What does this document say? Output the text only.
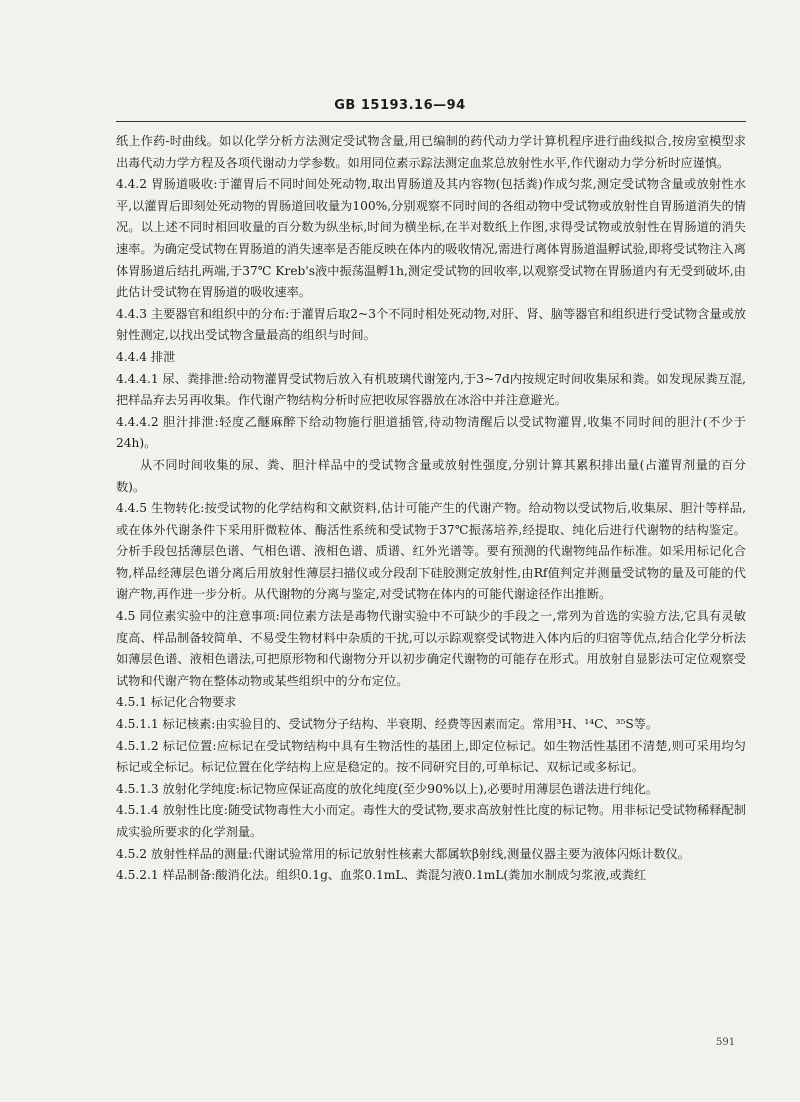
GB 15193.16—94

纸上作药-时曲线。如以化学分析方法测定受试物含量,用已编制的药代动力学计算机程序进行曲线拟合,按房室模型求出毒代动力学方程及各项代谢动力学参数。如用同位素示踪法测定血浆总放射性水平,作代谢动力学分析时应谨慎。

4.4.2 胃肠道吸收:于灌胃后不同时间处死动物,取出胃肠道及其内容物(包括粪)作成匀浆,测定受试物含量或放射性水平,以灌胃后即刻处死动物的胃肠道回收量为100%,分别观察不同时间的各组动物中受试物或放射性自胃肠道消失的情况。以上述不同时相回收量的百分数为纵坐标,时间为横坐标,在半对数纸上作图,求得受试物或放射性在胃肠道的消失速率。为确定受试物在胃肠道的消失速率是否能反映在体内的吸收情况,需进行离体胃肠道温孵试验,即将受试物注入离体胃肠道后结扎两端,于37℃ Kreb's液中振荡温孵1h,测定受试物的回收率,以观察受试物在胃肠道内有无受到破坏,由此估计受试物在胃肠道的吸收速率。

4.4.3 主要器官和组织中的分布:于灌胃后取2~3个不同时相处死动物,对肝、肾、脑等器官和组织进行受试物含量或放射性测定,以找出受试物含量最高的组织与时间。

4.4.4 排泄

4.4.4.1 尿、粪排泄:给动物灌胃受试物后放入有机玻璃代谢笼内,于3~7d内按规定时间收集尿和粪。如发现尿粪互混,把样品弃去另再收集。作代谢产物结构分析时应把收尿容器放在冰浴中并注意避光。

4.4.4.2 胆汁排泄:轻度乙醚麻醉下给动物施行胆道插管,待动物清醒后以受试物灌胃,收集不同时间的胆汁(不少于24h)。

从不同时间收集的尿、粪、胆汁样品中的受试物含量或放射性强度,分别计算其累积排出量(占灌胃剂量的百分数)。

4.4.5 生物转化:按受试物的化学结构和文献资料,估计可能产生的代谢产物。给动物以受试物后,收集尿、胆汁等样品,或在体外代谢条件下采用肝微粒体、酶活性系统和受试物于37℃振荡培养,经提取、纯化后进行代谢物的结构鉴定。分析手段包括薄层色谱、气相色谱、液相色谱、质谱、红外光谱等。要有预测的代谢物纯品作标准。如采用标记化合物,样品经薄层色谱分离后用放射性薄层扫描仪或分段刮下硅胶测定放射性,由Rf值判定并测量受试物的量及可能的代谢产物,再作进一步分析。从代谢物的分离与鉴定,对受试物在体内的可能代谢途径作出推断。

4.5 同位素实验中的注意事项:同位素方法是毒物代谢实验中不可缺少的手段之一,常列为首选的实验方法,它具有灵敏度高、样品制备较简单、不易受生物材料中杂质的干扰,可以示踪观察受试物进入体内后的归宿等优点,结合化学分析法如薄层色谱、液相色谱法,可把原形物和代谢物分开以初步确定代谢物的可能存在形式。用放射自显影法可定位观察受试物和代谢产物在整体动物或某些组织中的分布定位。

4.5.1 标记化合物要求

4.5.1.1 标记核素:由实验目的、受试物分子结构、半衰期、经费等因素而定。常用³H、¹⁴C、³⁵S等。

4.5.1.2 标记位置:应标记在受试物结构中具有生物活性的基团上,即定位标记。如生物活性基团不清楚,则可采用均匀标记或全标记。标记位置在化学结构上应是稳定的。按不同研究目的,可单标记、双标记或多标记。

4.5.1.3 放射化学纯度:标记物应保证高度的放化纯度(至少90%以上),必要时用薄层色谱法进行纯化。

4.5.1.4 放射性比度:随受试物毒性大小而定。毒性大的受试物,要求高放射性比度的标记物。用非标记受试物稀释配制成实验所要求的化学剂量。

4.5.2 放射性样品的测量:代谢试验常用的标记放射性核素大都属软β射线,测量仪器主要为液体闪烁计数仪。

4.5.2.1 样品制备:酸消化法。组织0.1g、血浆0.1mL、粪混匀液0.1mL(粪加水制成匀浆液,或粪红

591
